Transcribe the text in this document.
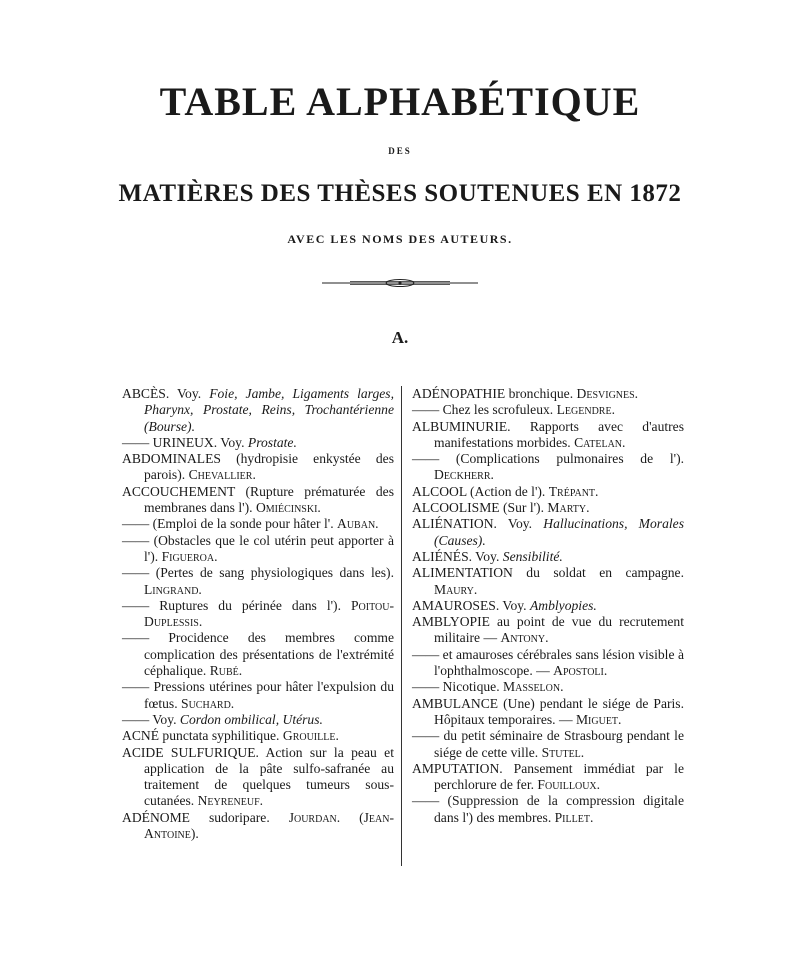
TABLE ALPHABÉTIQUE
DES
MATIÈRES DES THÈSES SOUTENUES EN 1872
AVEC LES NOMS DES AUTEURS.
A.

ABCÈS. Voy. Foie, Jambe, Ligaments larges, Pharynx, Prostate, Reins, Trochantérienne (Bourse).

—— URINEUX. Voy. Prostate.

ABDOMINALES (hydropisie enkystée des parois). Chevallier.

ACCOUCHEMENT (Rupture prématurée des membranes dans l'). Omiécinski.

—— (Emploi de la sonde pour hâter l'. Auban.

—— (Obstacles que le col utérin peut apporter à l'). Figueroa.

—— (Pertes de sang physiologiques dans les). Lingrand.

—— Ruptures du périnée dans l'). Poitou-Duplessis.

—— Procidence des membres comme complication des présentations de l'extrémité céphalique. Rubé.

—— Pressions utérines pour hâter l'expulsion du fœtus. Suchard.

—— Voy. Cordon ombilical, Utérus.

ACNÉ punctata syphilitique. Grouille.

ACIDE SULFURIQUE. Action sur la peau et application de la pâte sulfo-safranée au traitement de quelques tumeurs sous-cutanées. Neyreneuf.

ADÉNOME sudoripare. Jourdan. (Jean-Antoine).

ADÉNOPATHIE bronchique. Desvignes.

—— Chez les scrofuleux. Legendre.

ALBUMINURIE. Rapports avec d'autres manifestations morbides. Catelan.

—— (Complications pulmonaires de l'). Deckherr.

ALCOOL (Action de l'). Trépant.

ALCOOLISME (Sur l'). Marty.

ALIÉNATION. Voy. Hallucinations, Morales (Causes).

ALIÉNÉS. Voy. Sensibilité.

ALIMENTATION du soldat en campagne. Maury.

AMAUROSES. Voy. Amblyopies.

AMBLYOPIE au point de vue du recrutement militaire — Antony.

—— et amauroses cérébrales sans lésion visible à l'ophthalmoscope. — Apostoli.

—— Nicotique. Masselon.

AMBULANCE (Une) pendant le siége de Paris. Hôpitaux temporaires. — Miguet.

—— du petit séminaire de Strasbourg pendant le siége de cette ville. Stutel.

AMPUTATION. Pansement immédiat par le perchlorure de fer. Fouilloux.

—— (Suppression de la compression digitale dans l') des membres. Pillet.
